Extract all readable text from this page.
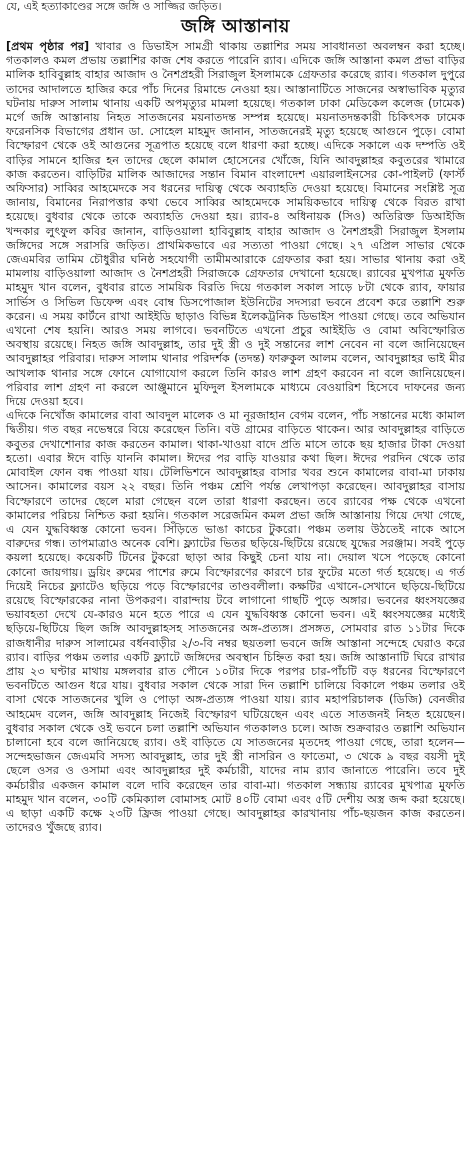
যে, এই হত্যাকাণ্ডের সঙ্গে জঙ্গি ও সাজ্জির জড়িত।
জঙ্গি আস্তানায়

[প্রথম পৃষ্ঠার পর] খাবার ও ডিভাইস সামগ্রী থাকায় তল্লাশির সময় সাবধানতা অবলম্বন করা হচ্ছে। গতকালও কমল প্রভায় তল্লাশির কাজ শেষ করতে পারেনি র‍্যাব। এদিকে জঙ্গি আস্তানা কমল প্রভা বাড়ির মালিক হাবিবুল্লাহ বাহার আজাদ ও নৈশপ্রহরী সিরাজুল ইসলামকে গ্রেফতার করেছে র‍্যাব। গতকাল দুপুরে তাদের আদালতে হাজির করে পাঁচ দিনের রিমান্ডে নেওয়া হয়। আস্তানাটিতে সাজনের অস্বাভাবিক মৃত্যুর ঘটনায় দারুস সালাম থানায় একটি অপমৃত্যুর মামলা হয়েছে। গতকাল ঢাকা মেডিকেল কলেজ (ঢামেক) মর্গে জঙ্গি আস্তানায় নিহত সাতজনের ময়নাতদন্ত সম্পন্ন হয়েছে। ময়নাতদন্তকারী চিকিৎসক ঢামেক ফরেনসিক বিভাগের প্রধান ডা. সোহেল মাহমুদ জানান, সাতজনেরই মৃত্যু হয়েছে আগুনে পুড়ে। বোমা বিস্ফোরণ থেকে ওই আগুনের সূত্রপাত হয়েছে বলে ধারণা করা হচ্ছে। এদিকে সকালে এক দম্পতি ওই বাড়ির সামনে হাজির হন তাদের ছেলে কামাল হোসেনের খোঁজে, যিনি আবদুল্লাহর কবুতরের খামারে কাজ করতেন। বাড়িটির মালিক আজাদের সন্তান বিমান বাংলাদেশ এয়ারলাইনসের কো-পাইলট (ফার্স্ট অফিসার) সাব্বির আহমেদকে সব ধরনের দায়িত্ব থেকে অব্যাহতি দেওয়া হয়েছে। বিমানের সংশ্লিষ্ট সূত্র জানায়, বিমানের নিরাপত্তার কথা ভেবে সাব্বির আহমেদকে সাময়িকভাবে দায়িত্ব থেকে বিরত রাখা হয়েছে। বুধবার থেকে তাকে অব্যাহতি দেওয়া হয়। র‍্যাব-৪ অধিনায়ক (সিও) অতিরিক্ত ডিআইজি খন্দকার লুৎফুল কবির জানান, বাড়িওয়ালা হাবিবুল্লাহ বাহার আজাদ ও নৈশপ্রহরী সিরাজুল ইসলাম জঙ্গিদের সঙ্গে সরাসরি জড়িত। প্রাথমিকভাবে এর সত্যতা পাওয়া গেছে। ২৭ এপ্রিল সাভার থেকে জেএমবির তামিম চৌধুরীর ঘনিষ্ঠ সহযোগী তামীমআরাকে গ্রেফতার করা হয়। সাভার থানায় করা ওই মামলায় বাড়িওয়ালা আজাদ ও নৈশপ্রহরী সিরাজকে গ্রেফতার দেখানো হয়েছে। র‍্যাবের মুখপাত্র মুফতি মাহমুদ খান বলেন, বুধবার রাতে সাময়িক বিরতি দিয়ে গতকাল সকাল সাড়ে ৮টা থেকে র‍্যাব, ফায়ার সার্ভিস ও সিভিল ডিফেন্স এবং বোম্ব ডিসপোজাল ইউনিটের সদস্যরা ভবনে প্রবেশ করে তল্লাশি শুরু করেন। এ সময় কার্টনে রাখা আইইডি ছাড়াও বিভিন্ন ইলেকট্রনিক ডিভাইস পাওয়া গেছে। তবে অভিযান এখনো শেষ হয়নি। আরও সময় লাগবে। ভবনটিতে এখনো প্রচুর আইইডি ও বোমা অবিস্ফোরিত অবস্থায় রয়েছে। নিহত জঙ্গি আবদুল্লাহ, তার দুই স্ত্রী ও দুই সন্তানের লাশ নেবেন না বলে জানিয়েছেন আবদুল্লাহর পরিবার। দারুস সালাম থানার পরিদর্শক (তদন্ত) ফারুকুল আলম বলেন, আবদুল্লাহর ভাই মীর আখলাক থানার সঙ্গে ফোনে যোগাযোগ করলে তিনি কারও লাশ গ্রহণ করবেন না বলে জানিয়েছেন। পরিবার লাশ গ্রহণ না করলে আঞ্জুমানে মুফিদুল ইসলামকে মাধ্যমে বেওয়ারিশ হিসেবে দাফনের জন্য দিয়ে দেওয়া হবে।

এদিকে নিখোঁজ কামালের বাবা আবদুল মালেক ও মা নূরজাহান বেগম বলেন, পাঁচ সন্তানের মধ্যে কামাল দ্বিতীয়। গত বছর নভেম্বরে বিয়ে করেছেন তিনি। বউ গ্রামের বাড়িতে থাকেন। আর আবদুল্লাহর বাড়িতে কবুতর দেখাশোনার কাজ করতেন কামাল। থাকা-খাওয়া বাদে প্রতি মাসে তাকে ছয় হাজার টাকা দেওয়া হতো। এবার ঈদে বাড়ি যাননি কামাল। ঈদের পর বাড়ি যাওয়ার কথা ছিল। ঈদের পরদিন থেকে তার মোবাইল ফোন বন্ধ পাওয়া যায়। টেলিভিশনে আবদুল্লাহর বাসার খবর শুনে কামালের বাবা-মা ঢাকায় আসেন। কামালের বয়স ২২ বছর। তিনি পঞ্চম শ্রেণি পর্যন্ত লেখাপড়া করেছেন। আবদুল্লাহর বাসায় বিস্ফোরণে তাদের ছেলে মারা গেছেন বলে তারা ধারণা করছেন। তবে র‍্যাবের পক্ষ থেকে এখনো কামালের পরিচয় নিশ্চিত করা হয়নি। গতকাল সরেজমিন কমল প্রভা জঙ্গি আস্তানায় গিয়ে দেখা গেছে, এ যেন যুদ্ধবিধ্বস্ত কোনো ভবন। সিঁড়িতে ভাঙা কাচের টুকরো। পঞ্চম তলায় উঠতেই নাকে আসে বারুদের গন্ধ। তাপমাত্রাও অনেক বেশি। ফ্ল্যাটের ভিতর ছড়িয়ে-ছিটিয়ে রয়েছে যুদ্ধের সরঞ্জাম। সবই পুড়ে কয়লা হয়েছে। কয়েকটি টিনের টুকরো ছাড়া আর কিছুই চেনা যায় না। দেয়াল খসে পড়েছে কোনো কোনো জায়গায়। ড্রয়িং রুমের পাশের রুমে বিস্ফোরণের কারণে চার ফুটের মতো গর্ত হয়েছে। এ গর্ত দিয়েই নিচের ফ্ল্যাটেও ছড়িয়ে পড়ে বিস্ফোরণের তাণ্ডবলীলা। কক্ষটির এখানে-সেখানে ছড়িয়ে-ছিটিয়ে রয়েছে বিস্ফোরকের নানা উপকরণ। বারান্দায় টবে লাগানো গাছটি পুড়ে অঙ্গার। ভবনের ধ্বংসযজ্ঞের ভয়াবহতা দেখে যে-কারও মনে হতে পারে এ যেন যুদ্ধবিধ্বস্ত কোনো ভবন। এই ধ্বংসযজ্ঞের মধ্যেই ছড়িয়ে-ছিটিয়ে ছিল জঙ্গি আবদুল্লাহসহ সাতজনের অঙ্গ-প্রত্যঙ্গ। প্রসঙ্গত, সোমবার রাত ১১টার দিকে রাজধানীর দারুস সালামের বর্ধনবাড়ীর ২/৩-বি নম্বর ছয়তলা ভবনে জঙ্গি আস্তানা সন্দেহে ঘেরাও করে র‍্যাব। বাড়ির পঞ্চম তলার একটি ফ্ল্যাটে জঙ্গিদের অবস্থান চিহ্নিত করা হয়। জঙ্গি আস্তানাটি ঘিরে রাখার প্রায় ২৩ ঘণ্টার মাথায় মঙ্গলবার রাত পৌনে ১০টার দিকে পরপর চার-পাঁচটি বড় ধরনের বিস্ফোরণে ভবনটিতে আগুন ধরে যায়। বুধবার সকাল থেকে সারা দিন তল্লাশি চালিয়ে বিকালে পঞ্চম তলার ওই বাসা থেকে সাতজনের খুলি ও পোড়া অঙ্গ-প্রত্যঙ্গ পাওয়া যায়। র‍্যাব মহাপরিচালক (ডিজি) বেনজীর আহমেদ বলেন, জঙ্গি আবদুল্লাহ নিজেই বিস্ফোরণ ঘটিয়েছেন এবং এতে সাতজনই নিহত হয়েছেন। বুধবার সকাল থেকে ওই ভবনে চলা তল্লাশি অভিযান গতকালও চলে। আজ শুক্রবারও তল্লাশি অভিযান চালানো হবে বলে জানিয়েছে র‍্যাব। ওই বাড়িতে যে সাতজনের মৃতদেহ পাওয়া গেছে, তারা হলেন—সন্দেহভাজন জেএমবি সদস্য আবদুল্লাহ, তার দুই স্ত্রী নাসরিন ও ফাতেমা, ৩ থেকে ৯ বছর বয়সী দুই ছেলে ওসর ও ওসামা এবং আবদুল্লাহর দুই কর্মচারী, যাদের নাম র‍্যাব জানাতে পারেনি। তবে দুই কর্মচারীর একজন কামাল বলে দাবি করেছেন তার বাবা-মা। গতকাল সন্ধ্যায় র‍্যাবের মুখপাত্র মুফতি মাহমুদ খান বলেন, ৩০টি কেমিক্যাল বোমাসহ মোট ৪০টি বোমা এবং ৫টি দেশীয় অস্ত্র জব্দ করা হয়েছে। এ ছাড়া একটি কক্ষে ২৩টি ফ্রিজ পাওয়া গেছে। আবদুল্লাহর কারখানায় পাঁচ-ছয়জন কাজ করতেন। তাদেরও খুঁজছে র‍্যাব।
